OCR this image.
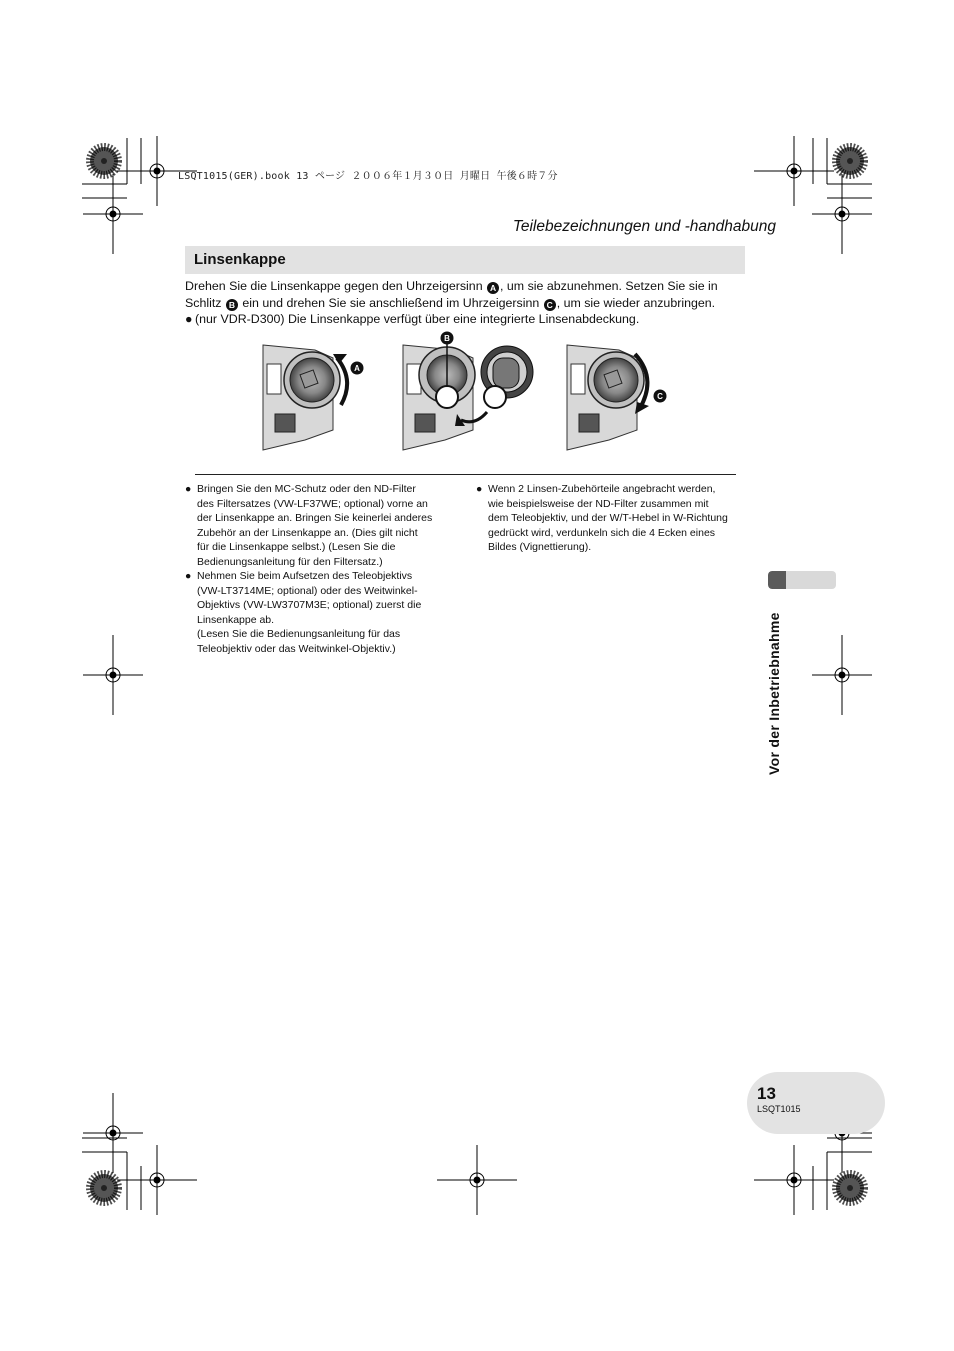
LSQT1015(GER).book 13 ページ ２００６年１月３０日 月曜日 午後６時７分
Teilebezeichnungen und -handhabung
Linsenkappe

Drehen Sie die Linsenkappe gegen den Uhrzeigersinn A , um sie abzunehmen. Setzen Sie sie in

Schlitz B ein und drehen Sie sie anschließend im Uhrzeigersinn C , um sie wieder anzubringen.

● (nur VDR-D300) Die Linsenkappe verfügt über eine integrierte Linsenabdeckung.

A
B
C
● Bringen Sie den MC-Schutz oder den ND-Filter
des Filtersatzes (VW-LF37WE; optional) vorne an
der Linsenkappe an. Bringen Sie keinerlei anderes
Zubehör an der Linsenkappe an. (Dies gilt nicht
für die Linsenkappe selbst.) (Lesen Sie die
Bedienungsanleitung für den Filtersatz.)
● Nehmen Sie beim Aufsetzen des Teleobjektivs
(VW-LT3714ME; optional) oder des Weitwinkel-
Objektivs (VW-LW3707M3E; optional) zuerst die
Linsenkappe ab.
(Lesen Sie die Bedienungsanleitung für das
Teleobjektiv oder das Weitwinkel-Objektiv.)
● Wenn 2 Linsen-Zubehörteile angebracht werden,
wie beispielsweise der ND-Filter zusammen mit
dem Teleobjektiv, und der W/T-Hebel in W-Richtung
gedrückt wird, verdunkeln sich die 4 Ecken eines
Bildes (Vignettierung).
Vor der Inbetriebnahme
13
LSQT1015
